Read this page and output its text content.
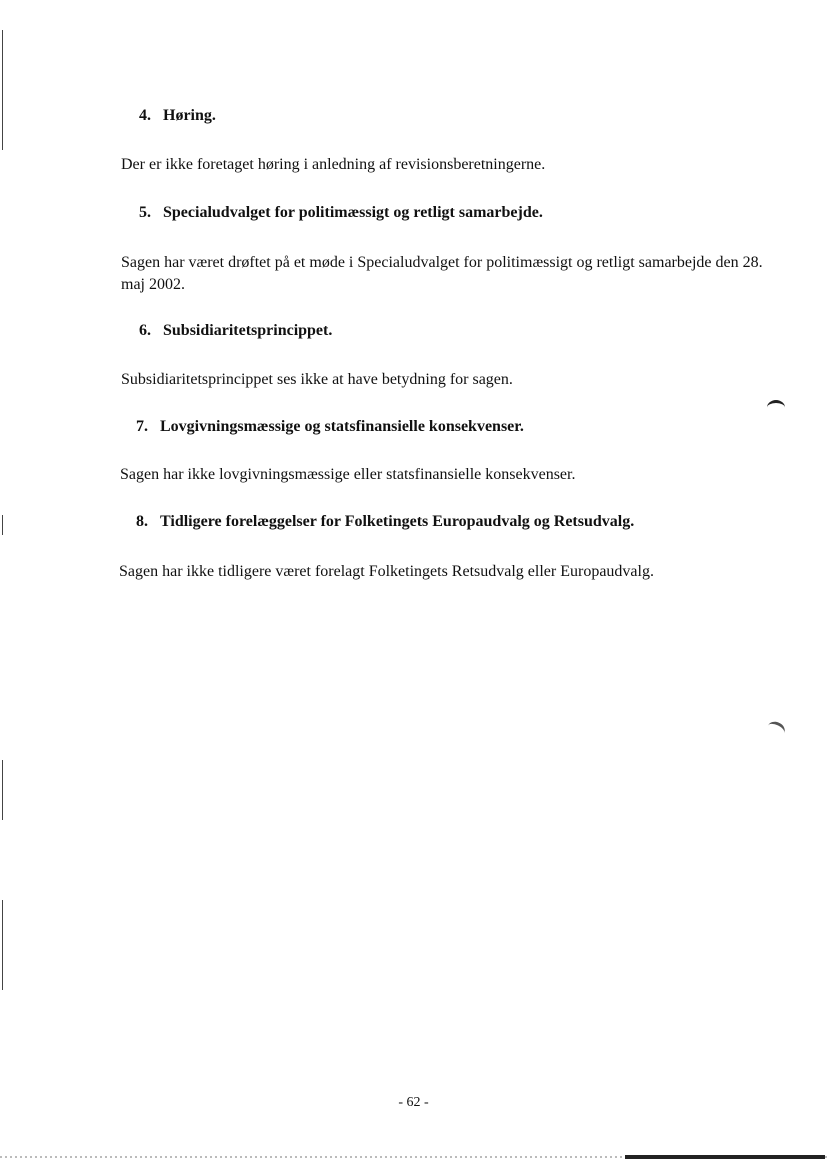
4. Høring.
Der er ikke foretaget høring i anledning af revisionsberetningerne.
5. Specialudvalget for politimæssigt og retligt samarbejde.
Sagen har været drøftet på et møde i Specialudvalget for politimæssigt og retligt samarbejde den 28. maj 2002.
6. Subsidiaritetsprincippet.
Subsidiaritetsprincippet ses ikke at have betydning for sagen.
7. Lovgivningsmæssige og statsfinansielle konsekvenser.
Sagen har ikke lovgivningsmæssige eller statsfinansielle konsekvenser.
8. Tidligere forelæggelser for Folketingets Europaudvalg og Retsudvalg.
Sagen har ikke tidligere været forelagt Folketingets Retsudvalg eller Europaudvalg.
- 62 -
